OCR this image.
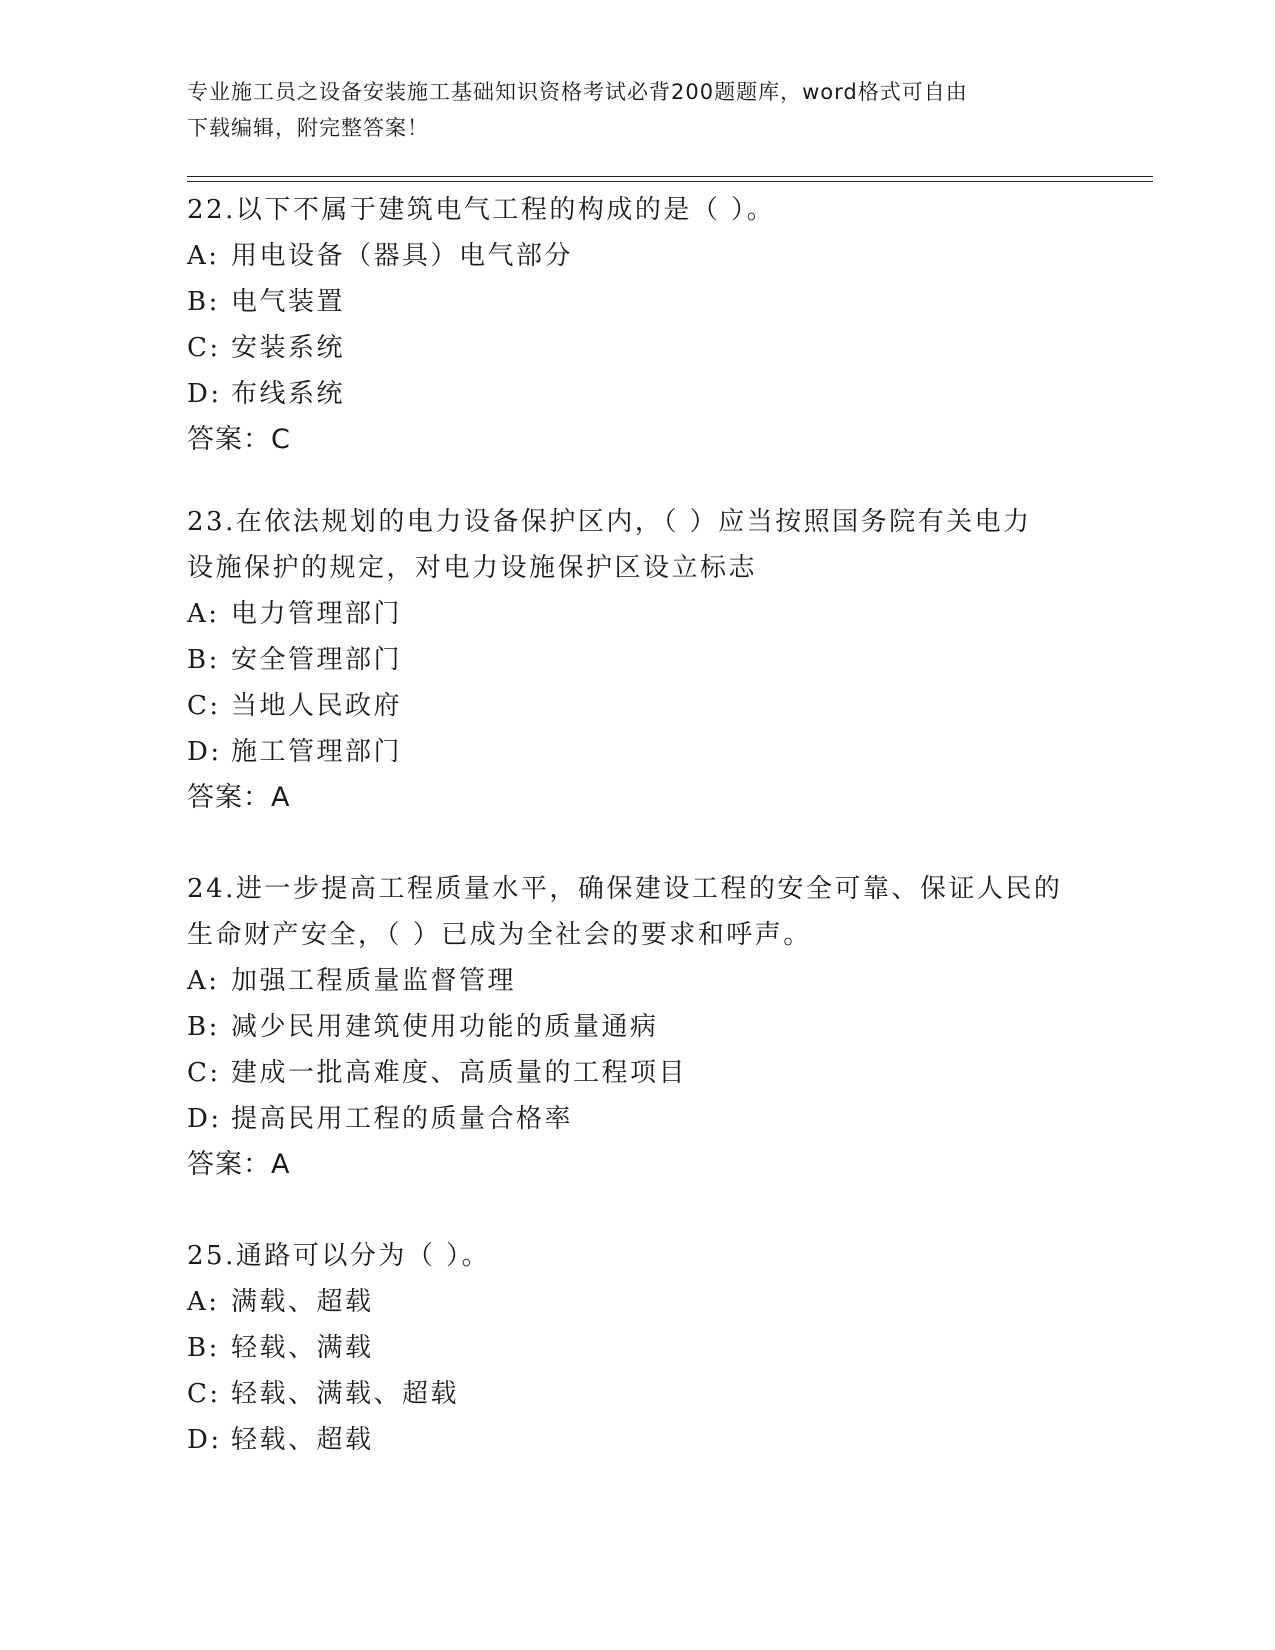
专业施工员之设备安装施工基础知识资格考试必背200题题库，word格式可自由
下载编辑，附完整答案！
22.以下不属于建筑电气工程的构成的是（ ）。
A: 用电设备（器具）电气部分
B: 电气装置
C: 安装系统
D: 布线系统
答案：C
23.在依法规划的电力设备保护区内，（ ）应当按照国务院有关电力
设施保护的规定，对电力设施保护区设立标志
A: 电力管理部门
B: 安全管理部门
C: 当地人民政府
D: 施工管理部门
答案：A
24.进一步提高工程质量水平，确保建设工程的安全可靠、保证人民的
生命财产安全，（ ）已成为全社会的要求和呼声。
A: 加强工程质量监督管理
B: 减少民用建筑使用功能的质量通病
C: 建成一批高难度、高质量的工程项目
D: 提高民用工程的质量合格率
答案：A
25.通路可以分为（ ）。
A: 满载、超载
B: 轻载、满载
C: 轻载、满载、超载
D: 轻载、超载
